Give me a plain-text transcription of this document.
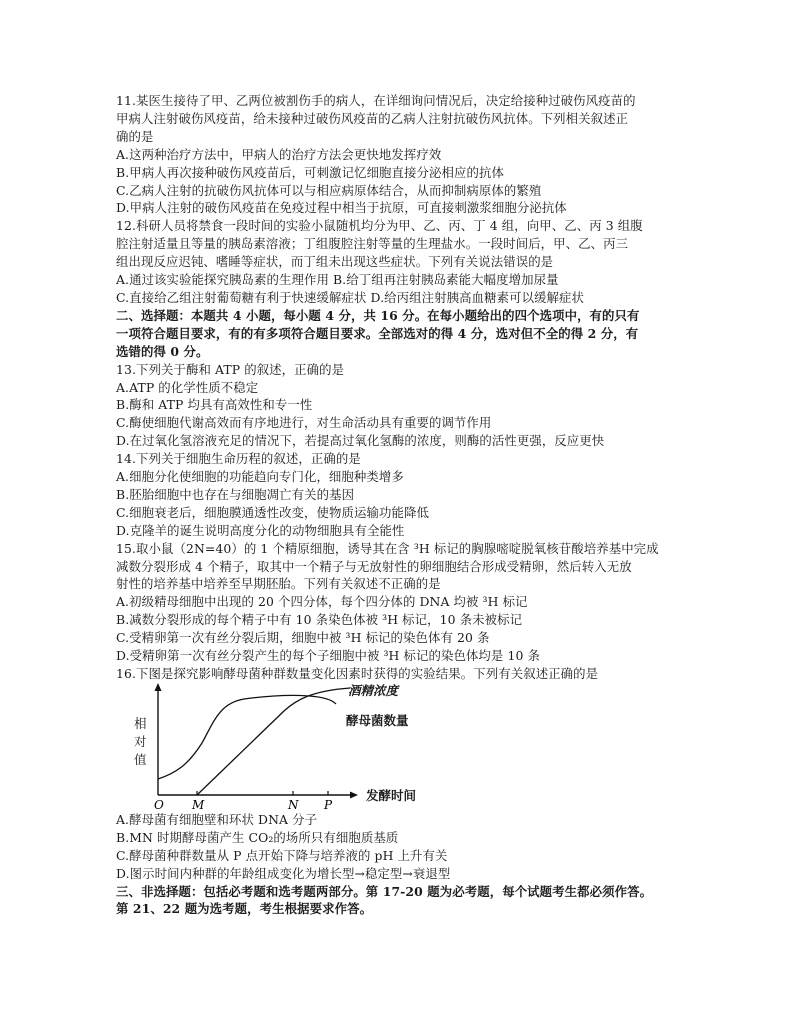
11.某医生接待了甲、乙两位被割伤手的病人，在详细询问情况后，决定给接种过破伤风疫苗的
甲病人注射破伤风疫苗，给未接种过破伤风疫苗的乙病人注射抗破伤风抗体。下列相关叙述正
确的是
A.这两种治疗方法中，甲病人的治疗方法会更快地发挥疗效
B.甲病人再次接种破伤风疫苗后，可刺激记忆细胞直接分泌相应的抗体
C.乙病人注射的抗破伤风抗体可以与相应病原体结合，从而抑制病原体的繁殖
D.甲病人注射的破伤风疫苗在免疫过程中相当于抗原，可直接刺激浆细胞分泌抗体
12.科研人员将禁食一段时间的实验小鼠随机均分为甲、乙、丙、丁 4 组，向甲、乙、丙 3 组腹
腔注射适量且等量的胰岛素溶液；丁组腹腔注射等量的生理盐水。一段时间后，甲、乙、丙三
组出现反应迟钝、嗜睡等症状，而丁组未出现这些症状。下列有关说法错误的是
A.通过该实验能探究胰岛素的生理作用 B.给丁组再注射胰岛素能大幅度增加尿量
C.直接给乙组注射葡萄糖有利于快速缓解症状 D.给丙组注射胰高血糖素可以缓解症状
二、选择题：本题共 4 小题，每小题 4 分，共 16 分。在每小题给出的四个选项中，有的只有
一项符合题目要求，有的有多项符合题目要求。全部选对的得 4 分，选对但不全的得 2 分，有
选错的得 0 分。
13.下列关于酶和 ATP 的叙述，正确的是
A.ATP 的化学性质不稳定
B.酶和 ATP 均具有高效性和专一性
C.酶使细胞代谢高效而有序地进行，对生命活动具有重要的调节作用
D.在过氧化氢溶液充足的情况下，若提高过氧化氢酶的浓度，则酶的活性更强，反应更快
14.下列关于细胞生命历程的叙述，正确的是
A.细胞分化使细胞的功能趋向专门化，细胞种类增多
B.胚胎细胞中也存在与细胞凋亡有关的基因
C.细胞衰老后，细胞膜通透性改变，使物质运输功能降低
D.克隆羊的诞生说明高度分化的动物细胞具有全能性
15.取小鼠（2N=40）的 1 个精原细胞，诱导其在含 ³H 标记的胸腺嘧啶脱氧核苷酸培养基中完成
减数分裂形成 4 个精子，取其中一个精子与无放射性的卵细胞结合形成受精卵，然后转入无放
射性的培养基中培养至早期胚胎。下列有关叙述不正确的是
A.初级精母细胞中出现的 20 个四分体，每个四分体的 DNA 均被 ³H 标记
B.减数分裂形成的每个精子中有 10 条染色体被 ³H 标记，10 条未被标记
C.受精卵第一次有丝分裂后期，细胞中被 ³H 标记的染色体有 20 条
D.受精卵第一次有丝分裂产生的每个子细胞中被 ³H 标记的染色体均是 10 条
16.下图是探究影响酵母菌种群数量变化因素时获得的实验结果。下列有关叙述正确的是
O M	N P
相对值
酒精浓度
酵母菌数量
发酵时间
A.酵母菌有细胞壁和环状 DNA 分子
B.MN 时期酵母菌产生 CO₂的场所只有细胞质基质
C.酵母菌种群数量从 P 点开始下降与培养液的 pH 上升有关
D.图示时间内种群的年龄组成变化为增长型→稳定型→衰退型
三、非选择题：包括必考题和选考题两部分。第 17-20 题为必考题，每个试题考生都必须作答。
第 21、22 题为选考题，考生根据要求作答。
